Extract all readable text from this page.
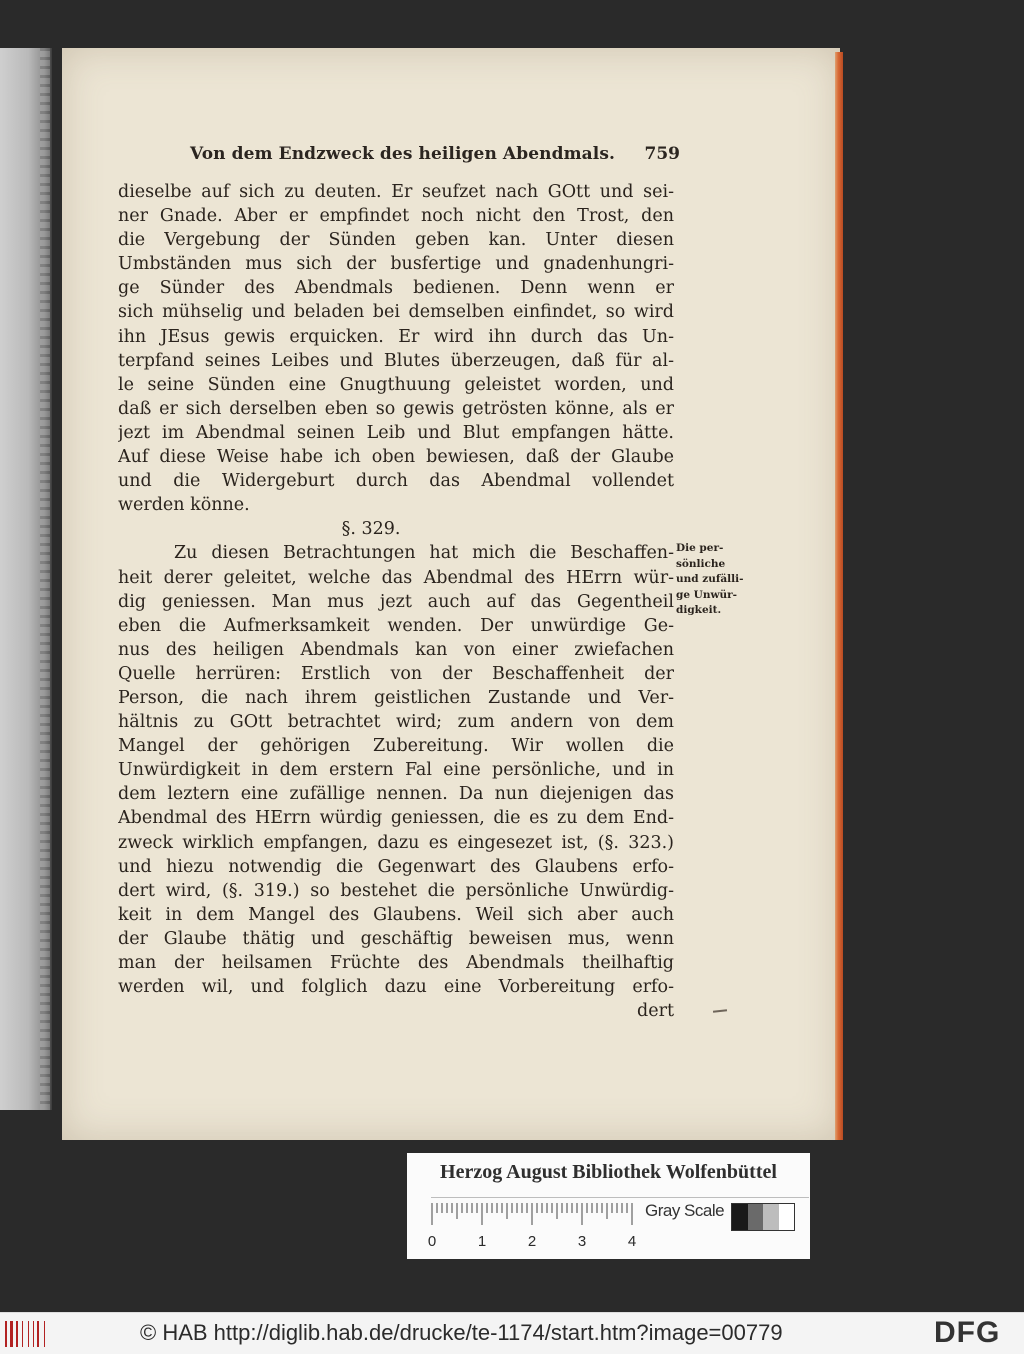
Von dem Endzweck des heiligen Abendmals. 759
dieselbe auf sich zu deuten. Er seufzet nach GOtt und sei-
ner Gnade. Aber er empfindet noch nicht den Trost, den
die Vergebung der Sünden geben kan. Unter diesen
Umbständen mus sich der busfertige und gnadenhungri-
ge Sünder des Abendmals bedienen. Denn wenn er
sich mühselig und beladen bei demselben einfindet, so wird
ihn JEsus gewis erquicken. Er wird ihn durch das Un-
terpfand seines Leibes und Blutes überzeugen, daß für al-
le seine Sünden eine Gnugthuung geleistet worden, und
daß er sich derselben eben so gewis getrösten könne, als er
jezt im Abendmal seinen Leib und Blut empfangen hätte.
Auf diese Weise habe ich oben bewiesen, daß der Glaube
und die Widergeburt durch das Abendmal vollendet
werden könne.
§. 329.
Zu diesen Betrachtungen hat mich die Beschaffen-
heit derer geleitet, welche das Abendmal des HErrn wür-
dig geniessen. Man mus jezt auch auf das Gegentheil
eben die Aufmerksamkeit wenden. Der unwürdige Ge-
nus des heiligen Abendmals kan von einer zwiefachen
Quelle herrüren: Erstlich von der Beschaffenheit der
Person, die nach ihrem geistlichen Zustande und Ver-
hältnis zu GOtt betrachtet wird; zum andern von dem
Mangel der gehörigen Zubereitung. Wir wollen die
Unwürdigkeit in dem erstern Fal eine persönliche, und in
dem leztern eine zufällige nennen. Da nun diejenigen das
Abendmal des HErrn würdig geniessen, die es zu dem End-
zweck wirklich empfangen, dazu es eingesezet ist, (§. 323.)
und hiezu notwendig die Gegenwart des Glaubens erfo-
dert wird, (§. 319.) so bestehet die persönliche Unwürdig-
keit in dem Mangel des Glaubens. Weil sich aber auch
der Glaube thätig und geschäftig beweisen mus, wenn
man der heilsamen Früchte des Abendmals theilhaftig
werden wil, und folglich dazu eine Vorbereitung erfo-
dert
Die per-
sönliche
und zufälli-
ge Unwür-
digkeit.
Herzog August Bibliothek Wolfenbüttel
0	1	2	3	4
Gray Scale
© HAB http://diglib.hab.de/drucke/te-1174/start.htm?image=00779	DFG
